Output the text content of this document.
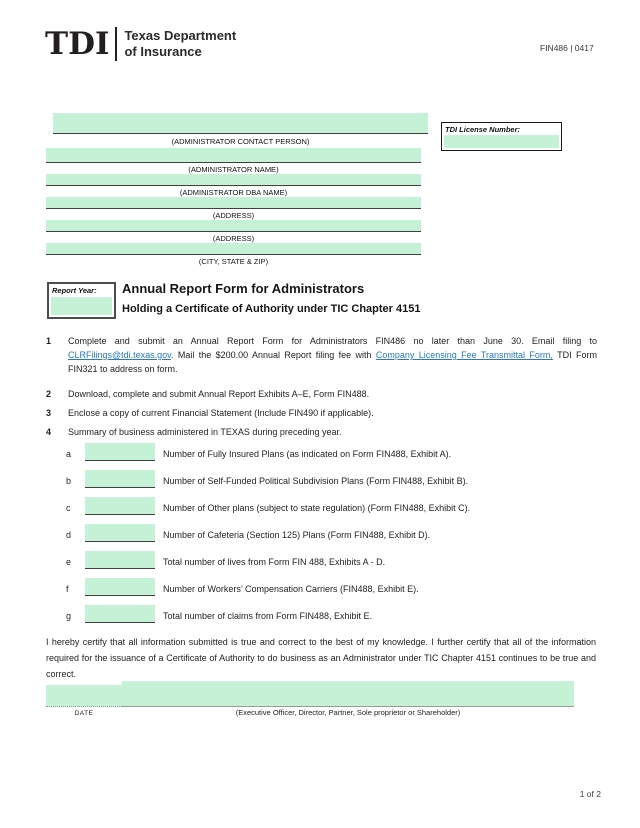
TDI Texas Department
of Insurance	FIN486 | 0417
(ADMINISTRATOR CONTACT PERSON)
(ADMINISTRATOR NAME)
(ADMINISTRATOR DBA NAME)
(ADDRESS)
(ADDRESS)
(CITY, STATE & ZIP)
TDI License Number:
Report Year: Annual Report Form for Administrators
Holding a Certificate of Authority under TIC Chapter 4151
1	Complete and submit an Annual Report Form for Administrators FIN486 no later than June 30. Email filing to CLRFilings@tdi.texas.gov. Mail the $200.00 Annual Report filing fee with Company Licensing Fee Transmittal Form, TDI Form FIN321 to address on form.
2	Download, complete and submit Annual Report Exhibits A–E, Form FIN488.
3	Enclose a copy of current Financial Statement (Include FIN490 if applicable).
4	Summary of business administered in TEXAS during preceding year.
a	Number of Fully Insured Plans (as indicated on Form FIN488, Exhibit A).
b	Number of Self-Funded Political Subdivision Plans (Form FIN488, Exhibit B).
c	Number of Other plans (subject to state regulation) (Form FIN488, Exhibit C).
d	Number of Cafeteria (Section 125) Plans (Form FIN488, Exhibit D).
e	Total number of lives from Form FIN 488, Exhibits A - D.
f	Number of Workers’ Compensation Carriers (FIN488, Exhibit E).
g	Total number of claims from Form FIN488, Exhibit E.
I hereby certify that all information submitted is true and correct to the best of my knowledge. I further certify that all of the information required for the issuance of a Certificate of Authority to do business as an Administrator under TIC Chapter 4151 continues to be true and correct.
DATE	(Executive Officer, Director, Partner, Sole proprietor or Shareholder)
1 of 2
